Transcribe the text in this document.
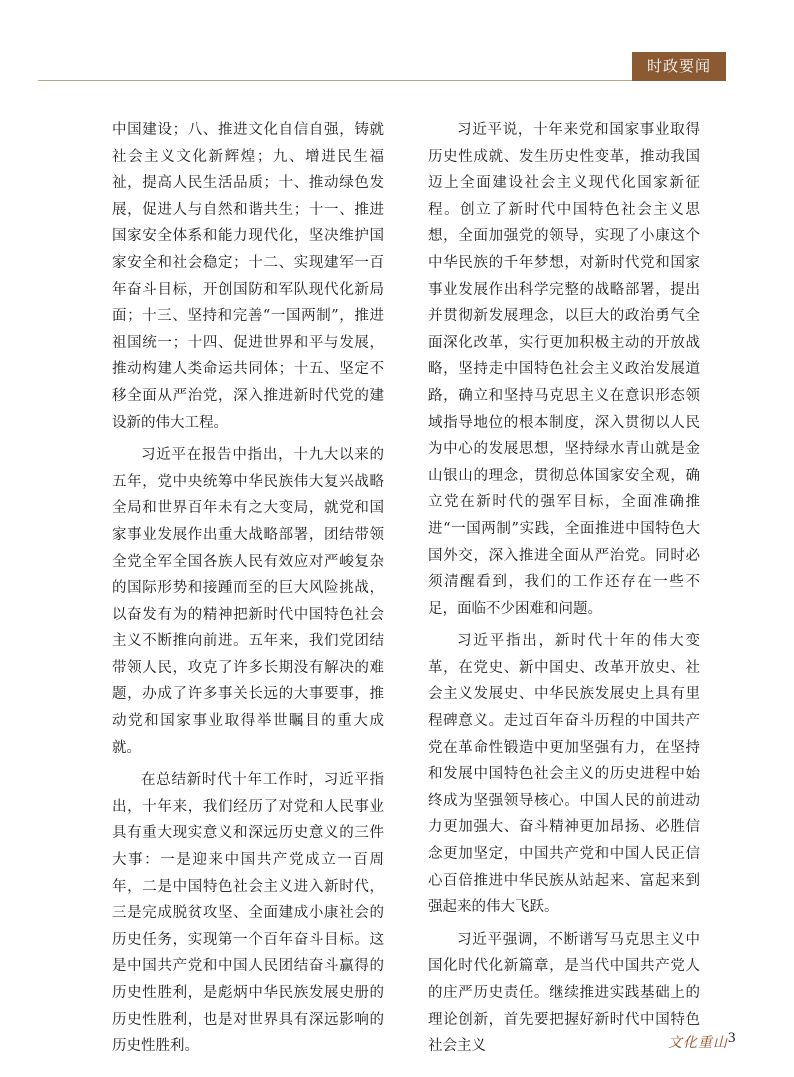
时政要闻

中国建设；八、推进文化自信自强，铸就社会主义文化新辉煌；九、增进民生福祉，提高人民生活品质；十、推动绿色发展，促进人与自然和谐共生；十一、推进国家安全体系和能力现代化，坚决维护国家安全和社会稳定；十二、实现建军一百年奋斗目标，开创国防和军队现代化新局面；十三、坚持和完善“一国两制”，推进祖国统一；十四、促进世界和平与发展，推动构建人类命运共同体；十五、坚定不移全面从严治党，深入推进新时代党的建设新的伟大工程。

习近平在报告中指出，十九大以来的五年，党中央统筹中华民族伟大复兴战略全局和世界百年未有之大变局，就党和国家事业发展作出重大战略部署，团结带领全党全军全国各族人民有效应对严峻复杂的国际形势和接踵而至的巨大风险挑战，以奋发有为的精神把新时代中国特色社会主义不断推向前进。五年来，我们党团结带领人民，攻克了许多长期没有解决的难题，办成了许多事关长远的大事要事，推动党和国家事业取得举世瞩目的重大成就。

在总结新时代十年工作时，习近平指出，十年来，我们经历了对党和人民事业具有重大现实意义和深远历史意义的三件大事：一是迎来中国共产党成立一百周年，二是中国特色社会主义进入新时代，三是完成脱贫攻坚、全面建成小康社会的历史任务，实现第一个百年奋斗目标。这是中国共产党和中国人民团结奋斗赢得的历史性胜利，是彪炳中华民族发展史册的历史性胜利，也是对世界具有深远影响的历史性胜利。

习近平说，十年来党和国家事业取得历史性成就、发生历史性变革，推动我国迈上全面建设社会主义现代化国家新征程。创立了新时代中国特色社会主义思想，全面加强党的领导，实现了小康这个中华民族的千年梦想，对新时代党和国家事业发展作出科学完整的战略部署，提出并贯彻新发展理念，以巨大的政治勇气全面深化改革，实行更加积极主动的开放战略，坚持走中国特色社会主义政治发展道路，确立和坚持马克思主义在意识形态领域指导地位的根本制度，深入贯彻以人民为中心的发展思想，坚持绿水青山就是金山银山的理念，贯彻总体国家安全观，确立党在新时代的强军目标，全面准确推进“一国两制”实践，全面推进中国特色大国外交，深入推进全面从严治党。同时必须清醒看到，我们的工作还存在一些不足，面临不少困难和问题。

习近平指出，新时代十年的伟大变革，在党史、新中国史、改革开放史、社会主义发展史、中华民族发展史上具有里程碑意义。走过百年奋斗历程的中国共产党在革命性锻造中更加坚强有力，在坚持和发展中国特色社会主义的历史进程中始终成为坚强领导核心。中国人民的前进动力更加强大、奋斗精神更加昂扬、必胜信念更加坚定，中国共产党和中国人民正信心百倍推进中华民族从站起来、富起来到强起来的伟大飞跃。

习近平强调，不断谱写马克思主义中国化时代化新篇章，是当代中国共产党人的庄严历史责任。继续推进实践基础上的理论创新，首先要把握好新时代中国特色社会主义	文化重山 3
